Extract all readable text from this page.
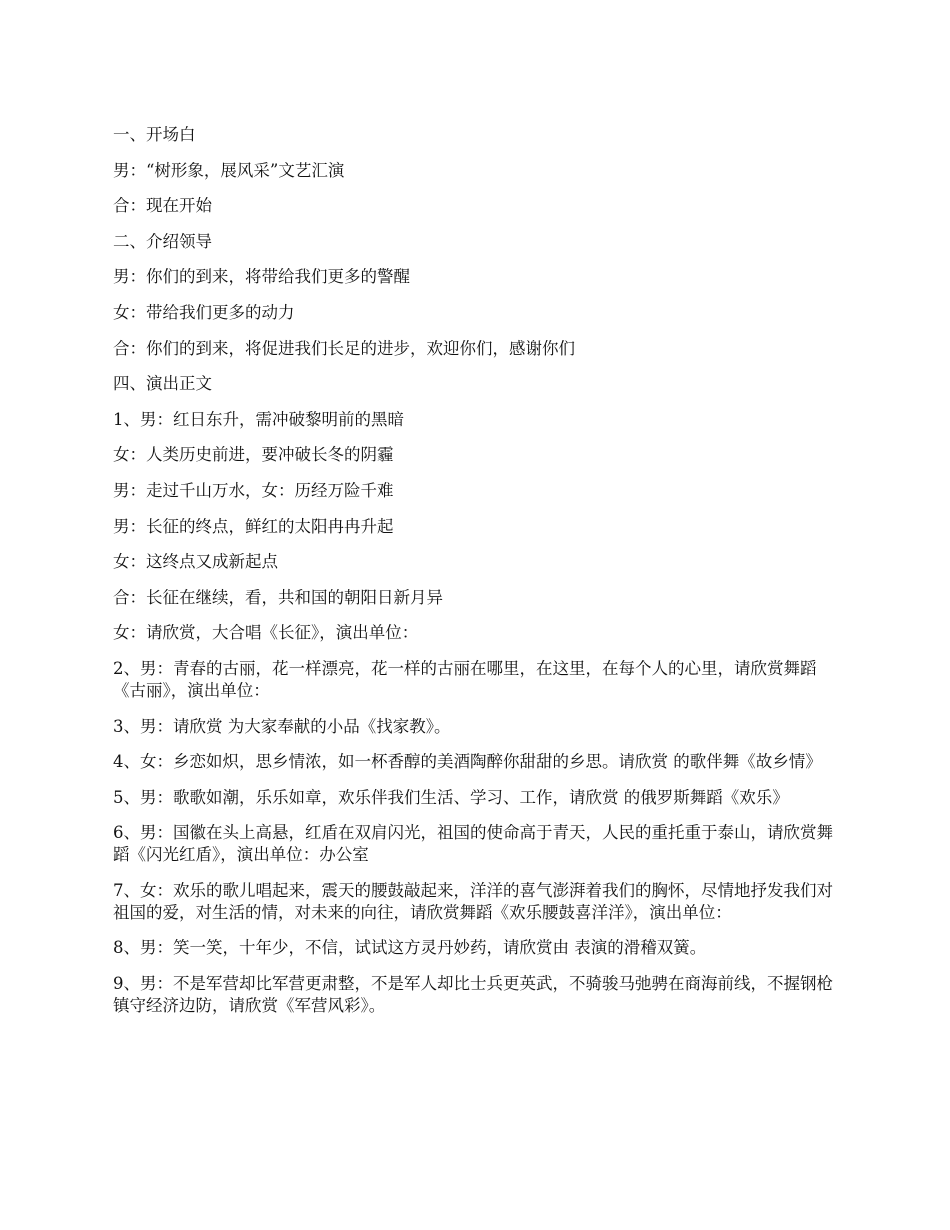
一、开场白

男：“树形象，展风采”文艺汇演

合：现在开始

二、介绍领导

男：你们的到来，将带给我们更多的警醒

女：带给我们更多的动力

合：你们的到来，将促进我们长足的进步，欢迎你们，感谢你们

四、演出正文

1、男：红日东升，需冲破黎明前的黑暗

女：人类历史前进，要冲破长冬的阴霾

男：走过千山万水，女：历经万险千难

男：长征的终点，鲜红的太阳冉冉升起

女：这终点又成新起点

合：长征在继续，看，共和国的朝阳日新月异

女：请欣赏，大合唱《长征》，演出单位：

2、男：青春的古丽，花一样漂亮，花一样的古丽在哪里，在这里，在每个人的心里，请欣赏舞蹈《古丽》，演出单位：

3、男：请欣赏 为大家奉献的小品《找家教》。

4、女：乡恋如炽，思乡情浓，如一杯香醇的美酒陶醉你甜甜的乡思。请欣赏 的歌伴舞《故乡情》

5、男：歌歌如潮，乐乐如章，欢乐伴我们生活、学习、工作，请欣赏 的俄罗斯舞蹈《欢乐》

6、男：国徽在头上高悬，红盾在双肩闪光，祖国的使命高于青天，人民的重托重于泰山，请欣赏舞蹈《闪光红盾》，演出单位：办公室

7、女：欢乐的歌儿唱起来，震天的腰鼓敲起来，洋洋的喜气澎湃着我们的胸怀，尽情地抒发我们对祖国的爱，对生活的情，对未来的向往，请欣赏舞蹈《欢乐腰鼓喜洋洋》，演出单位：

8、男：笑一笑，十年少，不信，试试这方灵丹妙药，请欣赏由 表演的滑稽双簧。

9、男：不是军营却比军营更肃整，不是军人却比士兵更英武，不骑骏马弛骋在商海前线，不握钢枪镇守经济边防，请欣赏《军营风彩》。
